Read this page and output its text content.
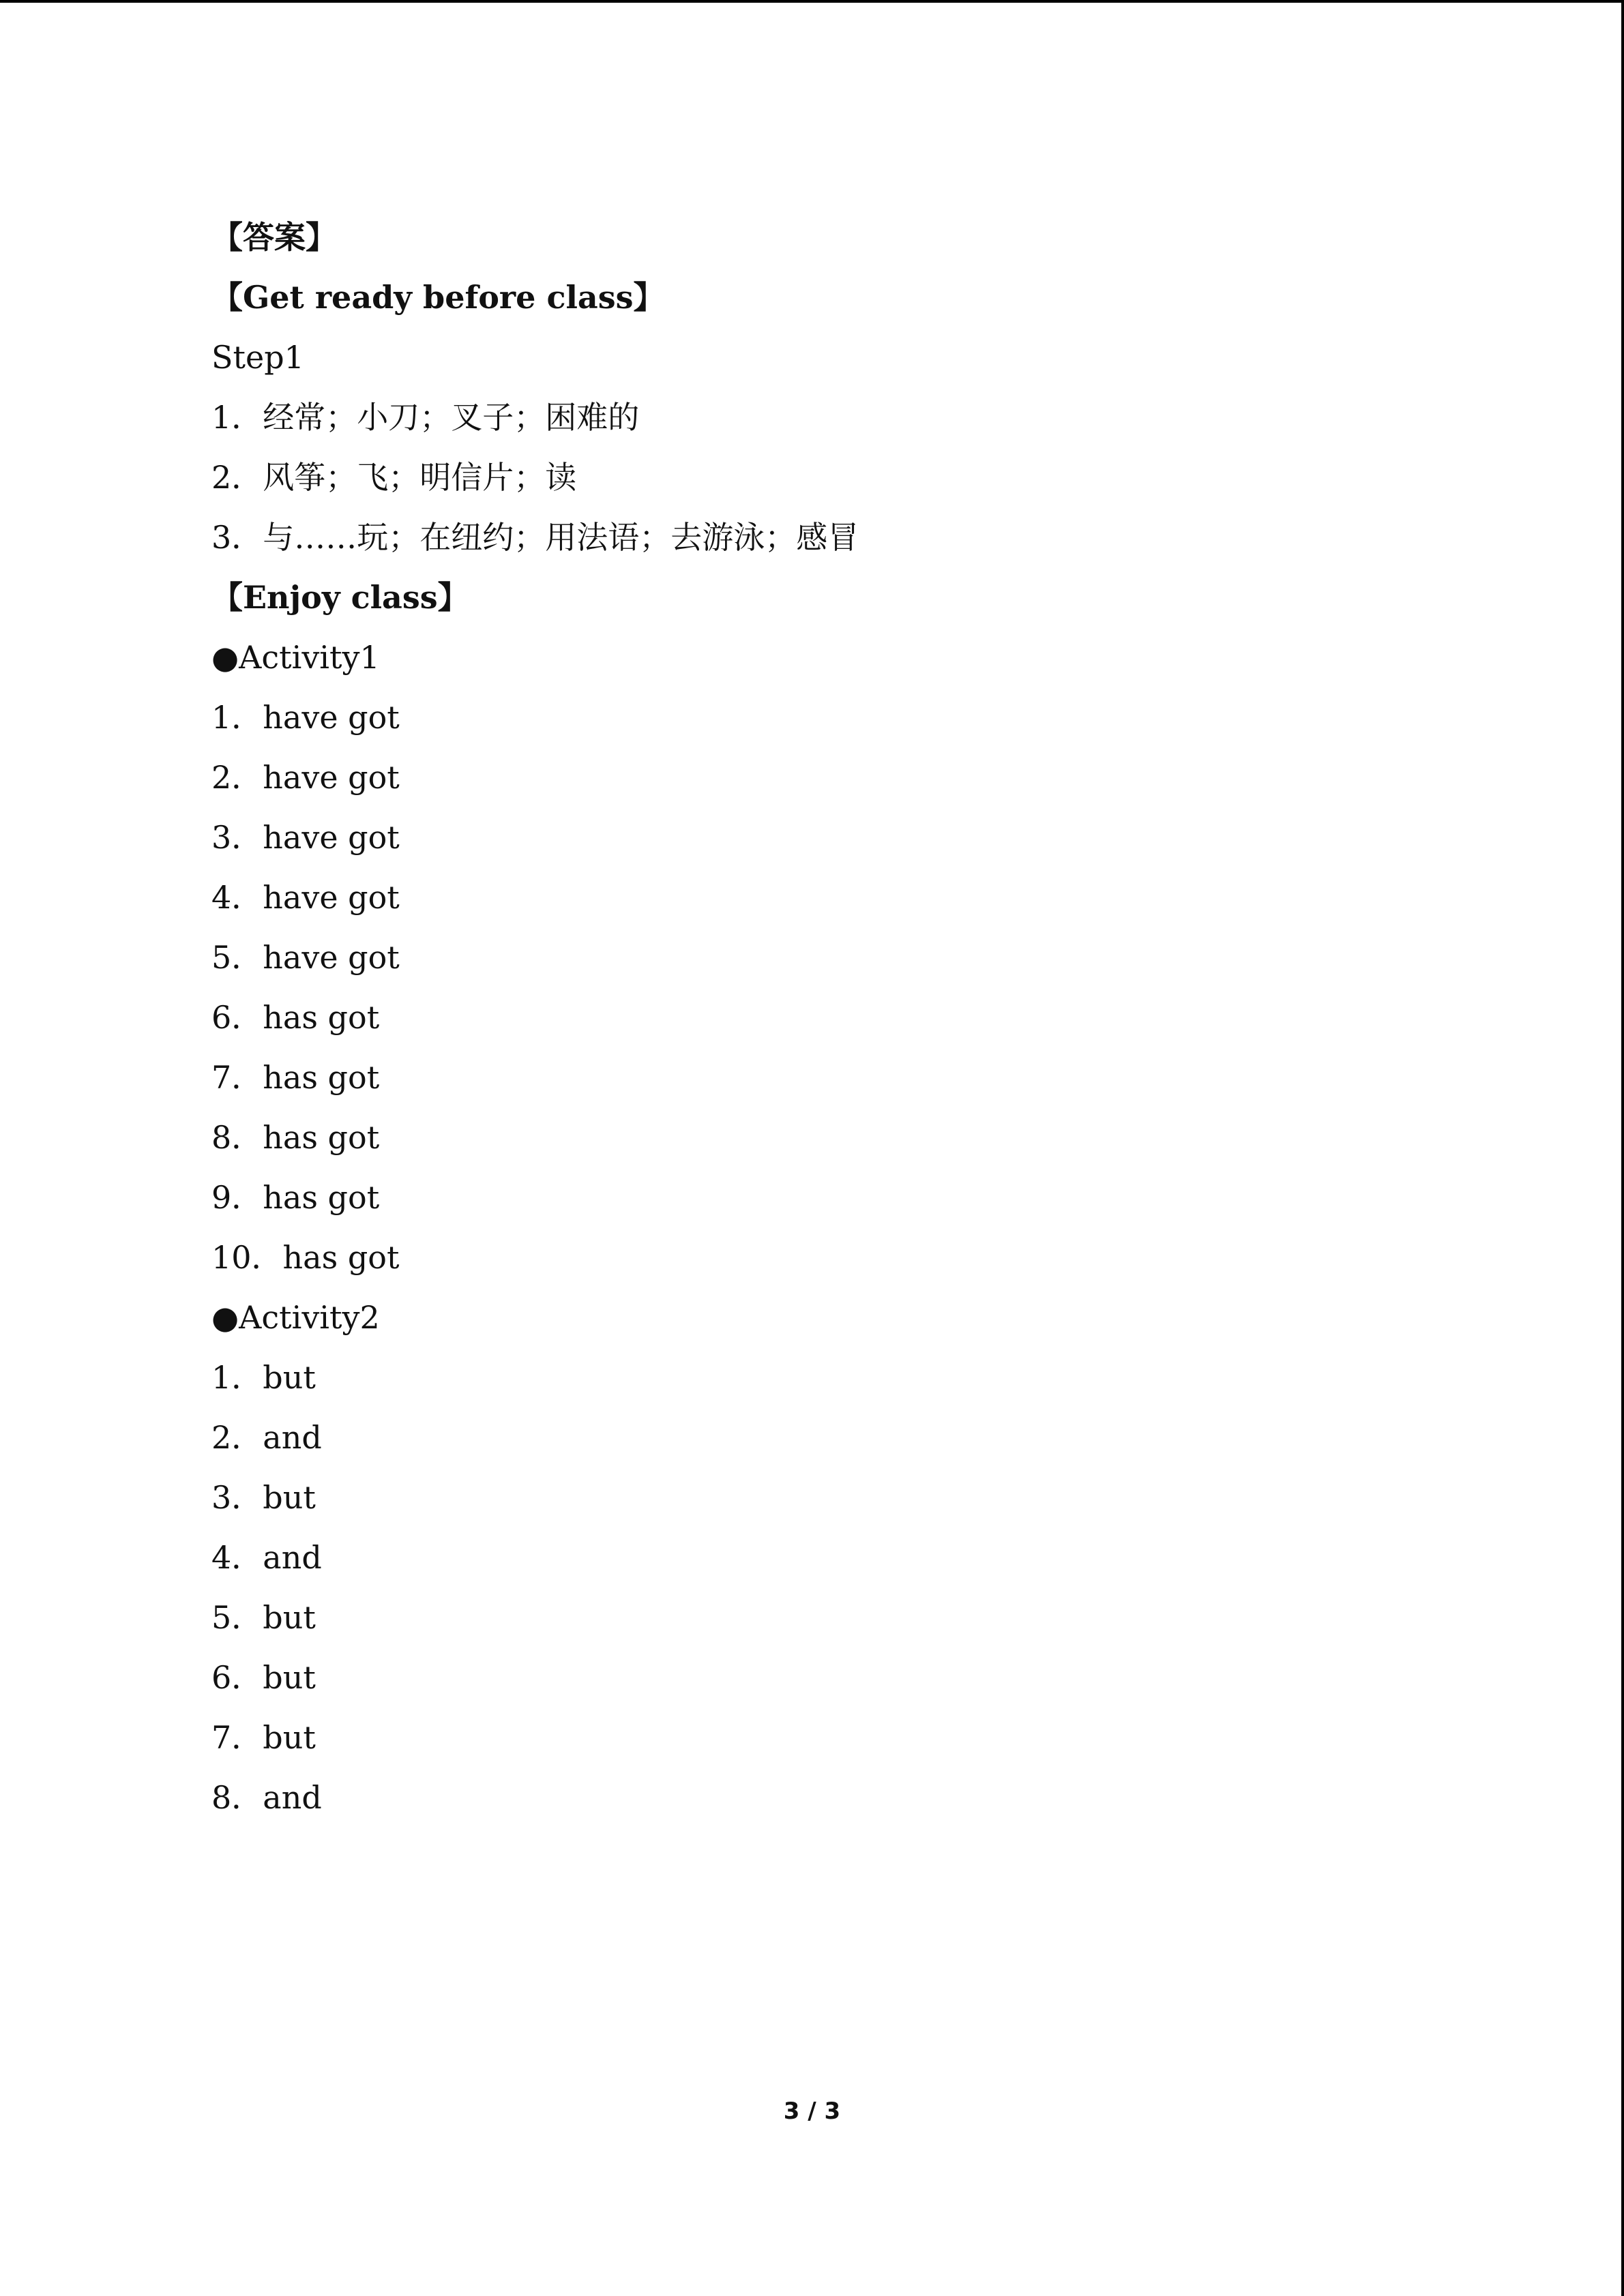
【答案】
【Get ready before class】
Step1
1．经常；小刀；叉子；困难的
2．风筝；飞；明信片；读
3．与……玩；在纽约；用法语；去游泳；感冒
【Enjoy class】
●Activity1
1．have got
2．have got
3．have got
4．have got
5．have got
6．has got
7．has got
8．has got
9．has got
10．has got
●Activity2
1．but
2．and
3．but
4．and
5．but
6．but
7．but
8．and
3 / 3
